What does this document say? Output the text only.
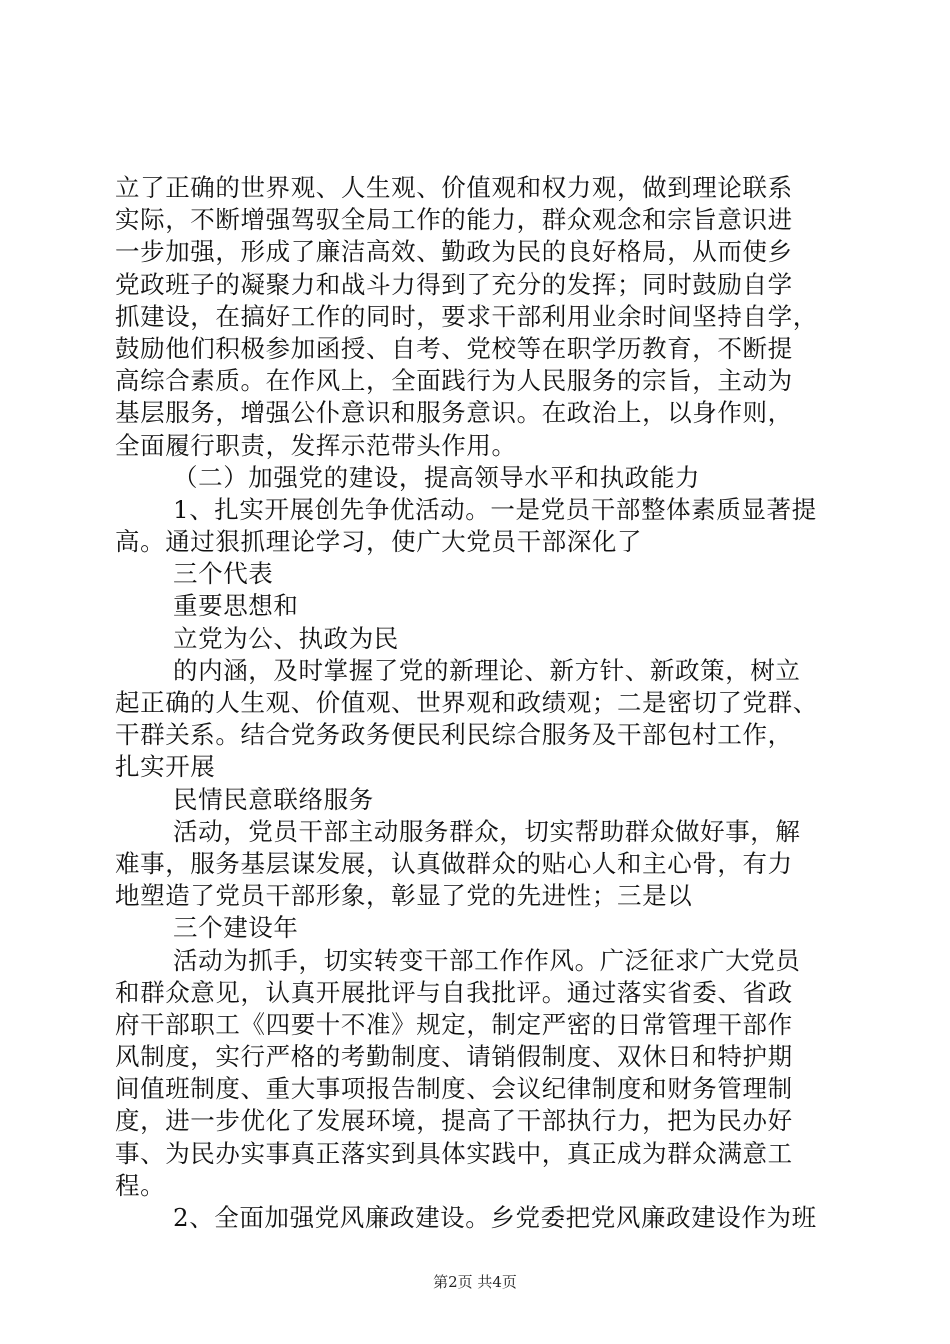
立了正确的世界观、人生观、价值观和权力观，做到理论联系
实际，不断增强驾驭全局工作的能力，群众观念和宗旨意识进
一步加强，形成了廉洁高效、勤政为民的良好格局，从而使乡
党政班子的凝聚力和战斗力得到了充分的发挥；同时鼓励自学
抓建设，在搞好工作的同时，要求干部利用业余时间坚持自学，
鼓励他们积极参加函授、自考、党校等在职学历教育，不断提
高综合素质。在作风上，全面践行为人民服务的宗旨，主动为
基层服务，增强公仆意识和服务意识。在政治上，以身作则，
全面履行职责，发挥示范带头作用。
（二）加强党的建设，提高领导水平和执政能力
1、扎实开展创先争优活动。一是党员干部整体素质显著提
高。通过狠抓理论学习，使广大党员干部深化了
三个代表
重要思想和
立党为公、执政为民
的内涵，及时掌握了党的新理论、新方针、新政策，树立
起正确的人生观、价值观、世界观和政绩观；二是密切了党群、
干群关系。结合党务政务便民利民综合服务及干部包村工作，
扎实开展
民情民意联络服务
活动，党员干部主动服务群众，切实帮助群众做好事，解
难事，服务基层谋发展，认真做群众的贴心人和主心骨，有力
地塑造了党员干部形象，彰显了党的先进性；三是以
三个建设年
活动为抓手，切实转变干部工作作风。广泛征求广大党员
和群众意见，认真开展批评与自我批评。通过落实省委、省政
府干部职工《四要十不准》规定，制定严密的日常管理干部作
风制度，实行严格的考勤制度、请销假制度、双休日和特护期
间值班制度、重大事项报告制度、会议纪律制度和财务管理制
度，进一步优化了发展环境，提高了干部执行力，把为民办好
事、为民办实事真正落实到具体实践中，真正成为群众满意工
程。
2、全面加强党风廉政建设。乡党委把党风廉政建设作为班
第2页 共4页
